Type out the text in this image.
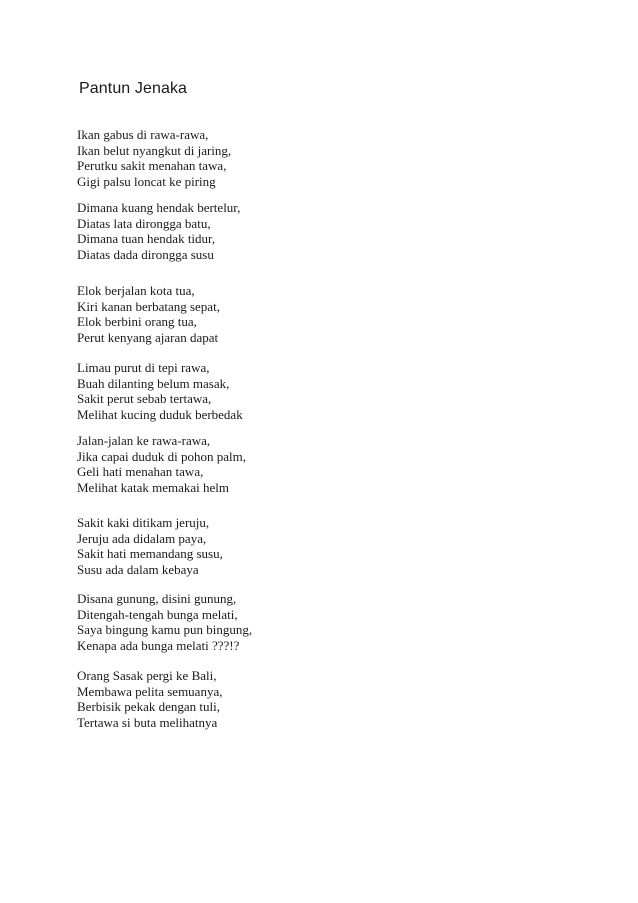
Pantun Jenaka
Ikan gabus di rawa-rawa,
Ikan belut nyangkut di jaring,
Perutku sakit menahan tawa,
Gigi palsu loncat ke piring
Dimana kuang hendak bertelur,
Diatas lata dirongga batu,
Dimana tuan hendak tidur,
Diatas dada dirongga susu
Elok berjalan kota tua,
Kiri kanan berbatang sepat,
Elok berbini orang tua,
Perut kenyang ajaran dapat
Limau purut di tepi rawa,
Buah dilanting belum masak,
Sakit perut sebab tertawa,
Melihat kucing duduk berbedak
Jalan-jalan ke rawa-rawa,
Jika capai duduk di pohon palm,
Geli hati menahan tawa,
Melihat katak memakai helm
Sakit kaki ditikam jeruju,
Jeruju ada didalam paya,
Sakit hati memandang susu,
Susu ada dalam kebaya
Disana gunung, disini gunung,
Ditengah-tengah bunga melati,
Saya bingung kamu pun bingung,
Kenapa ada bunga melati ???!?
Orang Sasak pergi ke Bali,
Membawa pelita semuanya,
Berbisik pekak dengan tuli,
Tertawa si buta melihatnya
